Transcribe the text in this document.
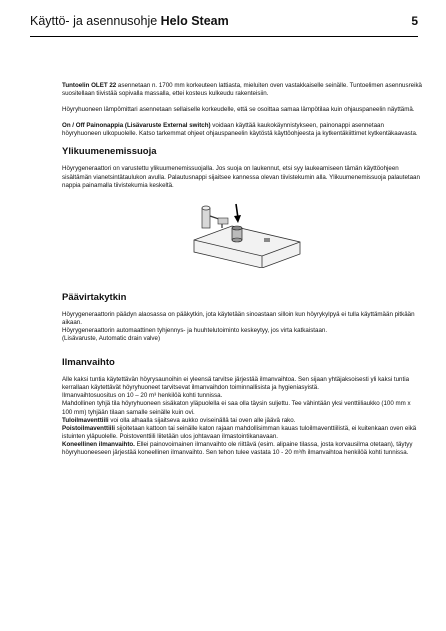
Käyttö- ja asennusohje Helo Steam	5

Tuntoelin OLET 22 asennetaan n. 1700 mm korkeuteen lattiasta, mieluiten oven vastakkaiselle seinälle. Tuntoelimen asennusreikä suositellaan tiivistää sopivalla massalla, ettei kosteus kulkeudu rakenteisiin.

Höyryhuoneen lämpömittari asennetaan sellaiselle korkeudelle, että se osoittaa samaa lämpötilaa kuin ohjauspaneelin näyttämä.

On / Off Painonappia (Lisävaruste External switch) voidaan käyttää kaukokäynnistykseen, painonappi asennetaan höyryhuoneen ulkopuolelle. Katso tarkemmat ohjeet ohjauspaneelin käytöstä käyttöohjeesta ja kytkentäkiittimet kytkentäkaavasta.

Ylikuumenemissuoja

Höyrygeneraattori on varustettu ylikuumenemissuojalla. Jos suoja on laukennut, etsi syy laukeamiseen tämän käyttöohjeen sisältämän vianetsintätaulukon avulla. Palautusnappi sijaitsee kannessa olevan tiivistekumin alla. Ylikuumenemissuoja palautetaan nappia painamalla tiivistekumia keskeltä.

Päävirtakytkin

Höyrygeneraattorin päädyn alaosassa on pääkytkin, jota käytetään sinoastaan silloin kun höyrykylpyä ei tulla käyttämään pitkään aikaan.
Höyrygeneraattorin automaattinen tyhjennys- ja huuhtelutoiminto keskeytyy, jos virta katkaistaan.
(Lisävaruste, Automatic drain valve)

Ilmanvaihto

Alle kaksi tuntia käytettävän höyrysaunoihin ei yleensä tarvitse järjestää ilmanvaihtoa. Sen sijaan yhtäjaksoisesti yli kaksi tuntia kerrallaan käytettävät höyryhuoneet tarvitsevat ilmanvaihdon toiminnallisista ja hygieniasyistä.
Ilmanvaihtosuositus on 10 – 20 m³ henkilöä kohti tunnissa.
Mahdollinen tyhjä tila höyryhuoneen sisäkaton yläpuolella ei saa olla täysin suljettu. Tee vähintään yksi venttiiliaukko (100 mm x 100 mm) tyhjään tilaan samalle seinälle kuin ovi.
Tuloilmaventtiili voi olla alhaalla sijaitseva aukko oviseinällä tai oven alle jäävä rako.
Poistoilmaventtiili sijoitetaan kattoon tai seinälle katon rajaan mahdollisimman kauas tuloilmaventtiilistä, ei kuitenkaan oven eikä istuinten yläpuolelle. Poistoventtiili liitetään ulos johtavaan ilmastointikanavaan.
Koneellinen ilmanvaihto. Ellei painovoimainen ilmanvaihto ole riittävä (esim. alipaine tilassa, josta korvausilma otetaan), täytyy höyryhuoneeseen järjestää koneellinen ilmanvaihto. Sen tehon tulee vastata 10 - 20 m³/h ilmanvaihtoa henkilöä kohti tunnissa.
